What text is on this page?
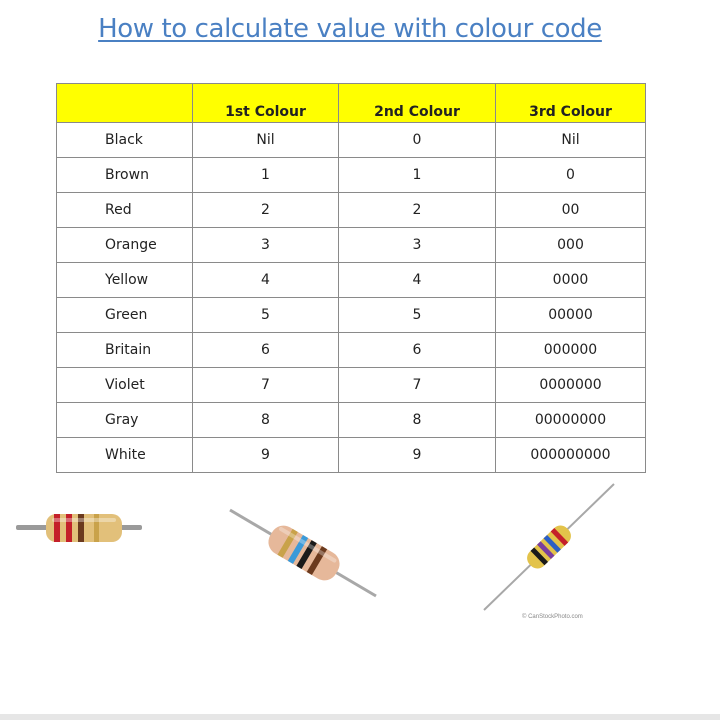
How to calculate value with colour code
	1st Colour	2nd Colour	3rd Colour
Black	Nil	0	Nil
Brown	1	1	0
Red	2	2	00
Orange	3	3	000
Yellow	4	4	0000
Green	5	5	00000
Britain	6	6	000000
Violet	7	7	0000000
Gray	8	8	00000000
White	9	9	000000000
© CanStockPhoto.com
